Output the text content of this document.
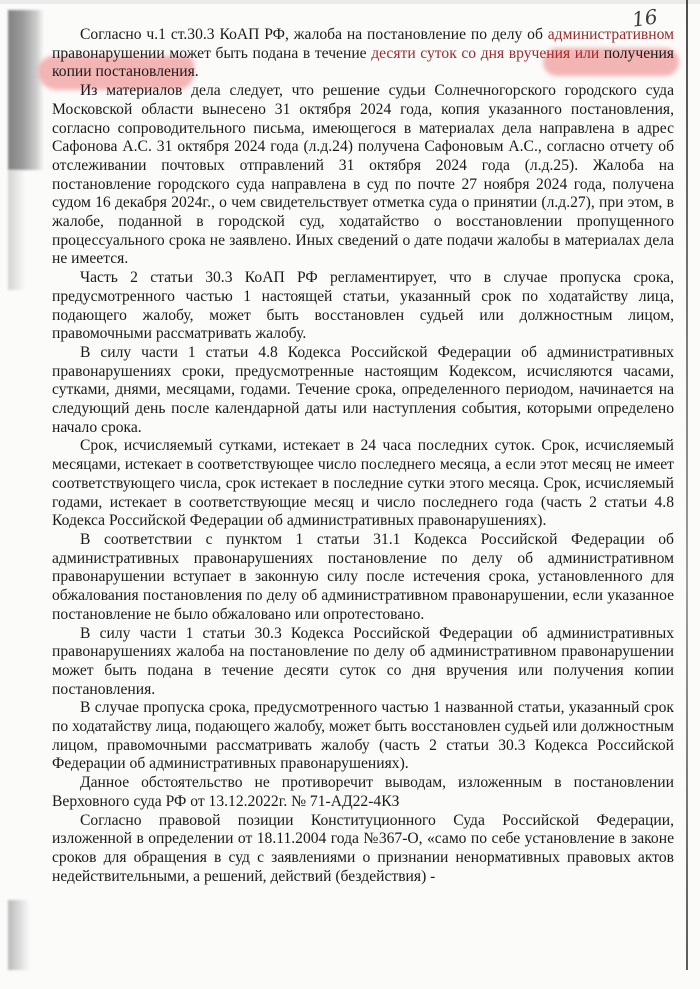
16

Согласно ч.1 ст.30.3 КоАП РФ, жалоба на постановление по делу об административном правонарушении может быть подана в течение десяти суток со дня вручения или получения копии постановления.

Из материалов дела следует, что решение судьи Солнечногорского городского суда Московской области вынесено 31 октября 2024 года, копия указанного постановления, согласно сопроводительного письма, имеющегося в материалах дела направлена в адрес Сафонова А.С. 31 октября 2024 года (л.д.24) получена Сафоновым А.С., согласно отчету об отслеживании почтовых отправлений 31 октября 2024 года (л.д.25). Жалоба на постановление городского суда направлена в суд по почте 27 ноября 2024 года, получена судом 16 декабря 2024г., о чем свидетельствует отметка суда о принятии (л.д.27), при этом, в жалобе, поданной в городской суд, ходатайство о восстановлении пропущенного процессуального срока не заявлено. Иных сведений о дате подачи жалобы в материалах дела не имеется.

Часть 2 статьи 30.3 КоАП РФ регламентирует, что в случае пропуска срока, предусмотренного частью 1 настоящей статьи, указанный срок по ходатайству лица, подающего жалобу, может быть восстановлен судьей или должностным лицом, правомочными рассматривать жалобу.

В силу части 1 статьи 4.8 Кодекса Российской Федерации об административных правонарушениях сроки, предусмотренные настоящим Кодексом, исчисляются часами, сутками, днями, месяцами, годами. Течение срока, определенного периодом, начинается на следующий день после календарной даты или наступления события, которыми определено начало срока.

Срок, исчисляемый сутками, истекает в 24 часа последних суток. Срок, исчисляемый месяцами, истекает в соответствующее число последнего месяца, а если этот месяц не имеет соответствующего числа, срок истекает в последние сутки этого месяца. Срок, исчисляемый годами, истекает в соответствующие месяц и число последнего года (часть 2 статьи 4.8 Кодекса Российской Федерации об административных правонарушениях).

В соответствии с пунктом 1 статьи 31.1 Кодекса Российской Федерации об административных правонарушениях постановление по делу об административном правонарушении вступает в законную силу после истечения срока, установленного для обжалования постановления по делу об административном правонарушении, если указанное постановление не было обжаловано или опротестовано.

В силу части 1 статьи 30.3 Кодекса Российской Федерации об административных правонарушениях жалоба на постановление по делу об административном правонарушении может быть подана в течение десяти суток со дня вручения или получения копии постановления.

В случае пропуска срока, предусмотренного частью 1 названной статьи, указанный срок по ходатайству лица, подающего жалобу, может быть восстановлен судьей или должностным лицом, правомочными рассматривать жалобу (часть 2 статьи 30.3 Кодекса Российской Федерации об административных правонарушениях).

Данное обстоятельство не противоречит выводам, изложенным в постановлении Верховного суда РФ от 13.12.2022г. № 71-АД22-4КЗ

Согласно правовой позиции Конституционного Суда Российской Федерации, изложенной в определении от 18.11.2004 года №367-О, «само по себе установление в законе сроков для обращения в суд с заявлениями о признании ненормативных правовых актов недействительными, а решений, действий (бездействия) -
